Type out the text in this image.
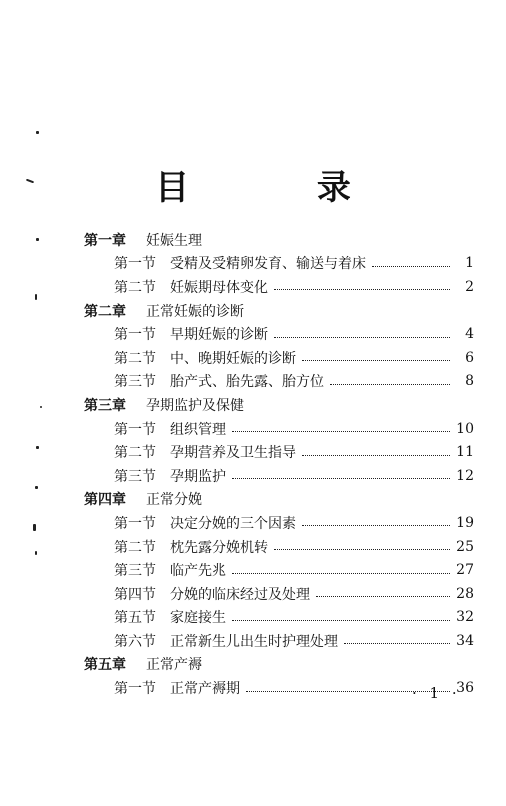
目 录
第一章	妊娠生理
第一节	受精及受精卵发育、输送与着床	1
第二节	妊娠期母体变化	2
第二章	正常妊娠的诊断
第一节	早期妊娠的诊断	4
第二节	中、晚期妊娠的诊断	6
第三节	胎产式、胎先露、胎方位	8
第三章	孕期监护及保健
第一节	组织管理	10
第二节	孕期营养及卫生指导	11
第三节	孕期监护	12
第四章	正常分娩
第一节	决定分娩的三个因素	19
第二节	枕先露分娩机转	25
第三节	临产先兆	27
第四节	分娩的临床经过及处理	28
第五节	家庭接生	32
第六节	正常新生儿出生时护理处理	34
第五章	正常产褥
第一节	正常产褥期	36
· 1 ·
